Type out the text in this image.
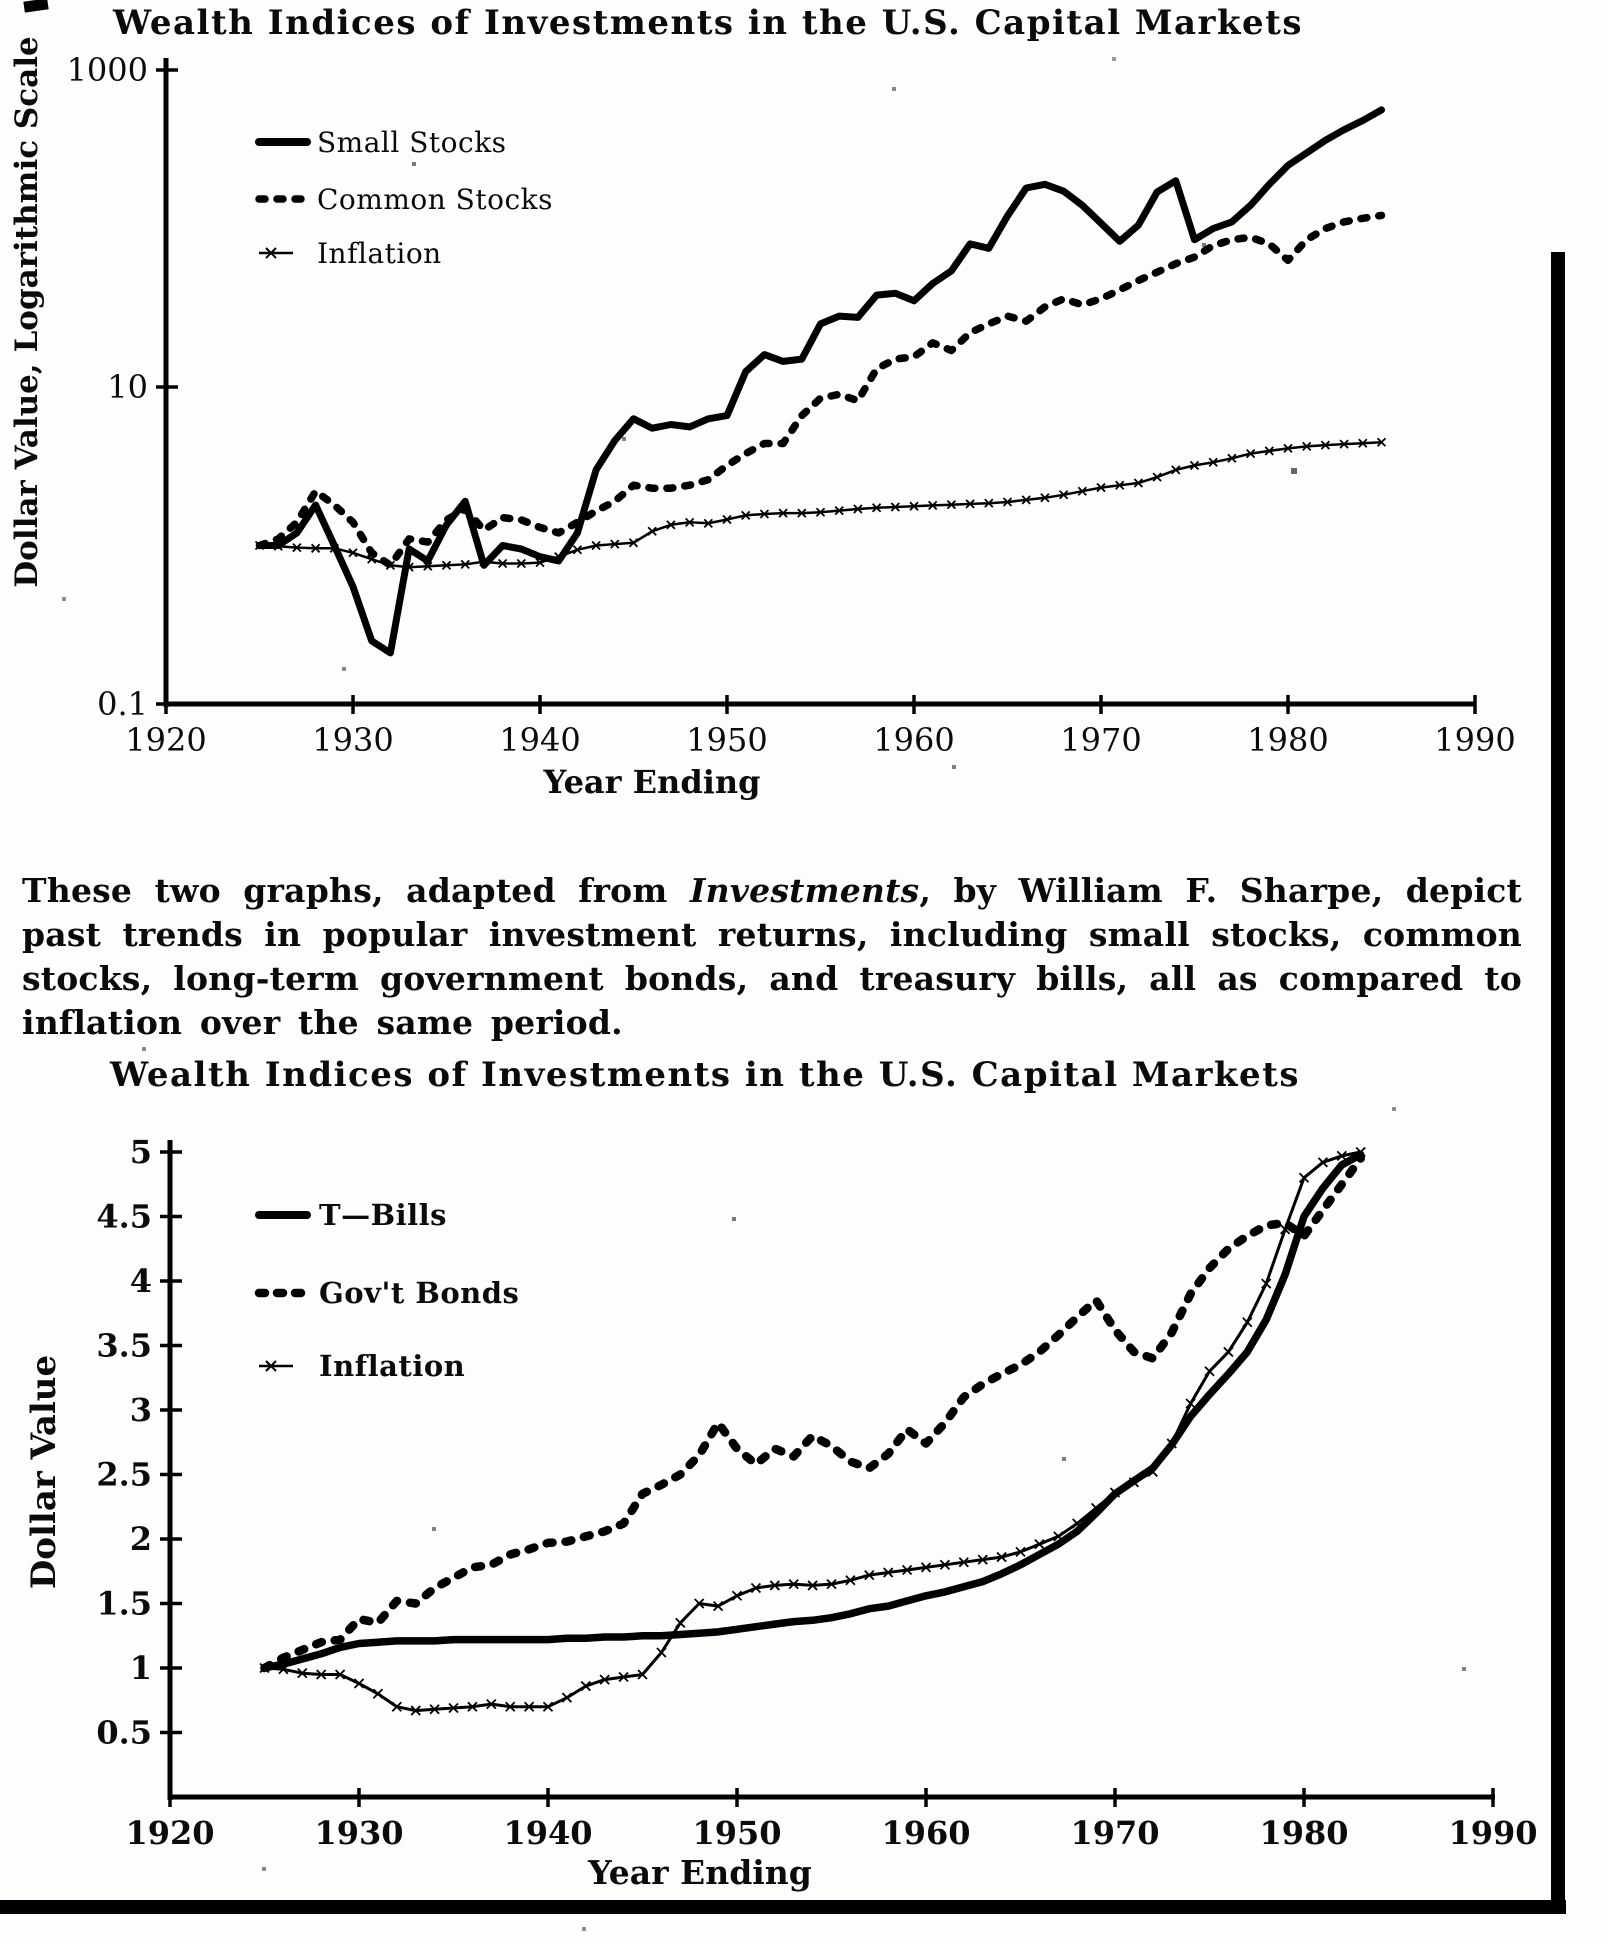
Wealth Indices of Investments in the U.S. Capital Markets
1000
10
0.1
1920	1930	1940	1950	1960	1970	1980	1990
Dollar Value, Logarithmic Scale
Year Ending
Small Stocks
Common Stocks
Inflation

These two graphs, adapted from Investments, by William F. Sharpe, depict past trends in popular investment returns, including small stocks, common stocks, long-term government bonds, and treasury bills, all as compared to inflation over the same period.

Wealth Indices of Investments in the U.S. Capital Markets
0.5
1
1.5
2
2.5
3
3.5
4
4.5
5
1920	1930	1940	1950	1960	1970	1980	1990
Dollar Value
Year Ending
T—Bills
Gov't Bonds
Inflation
